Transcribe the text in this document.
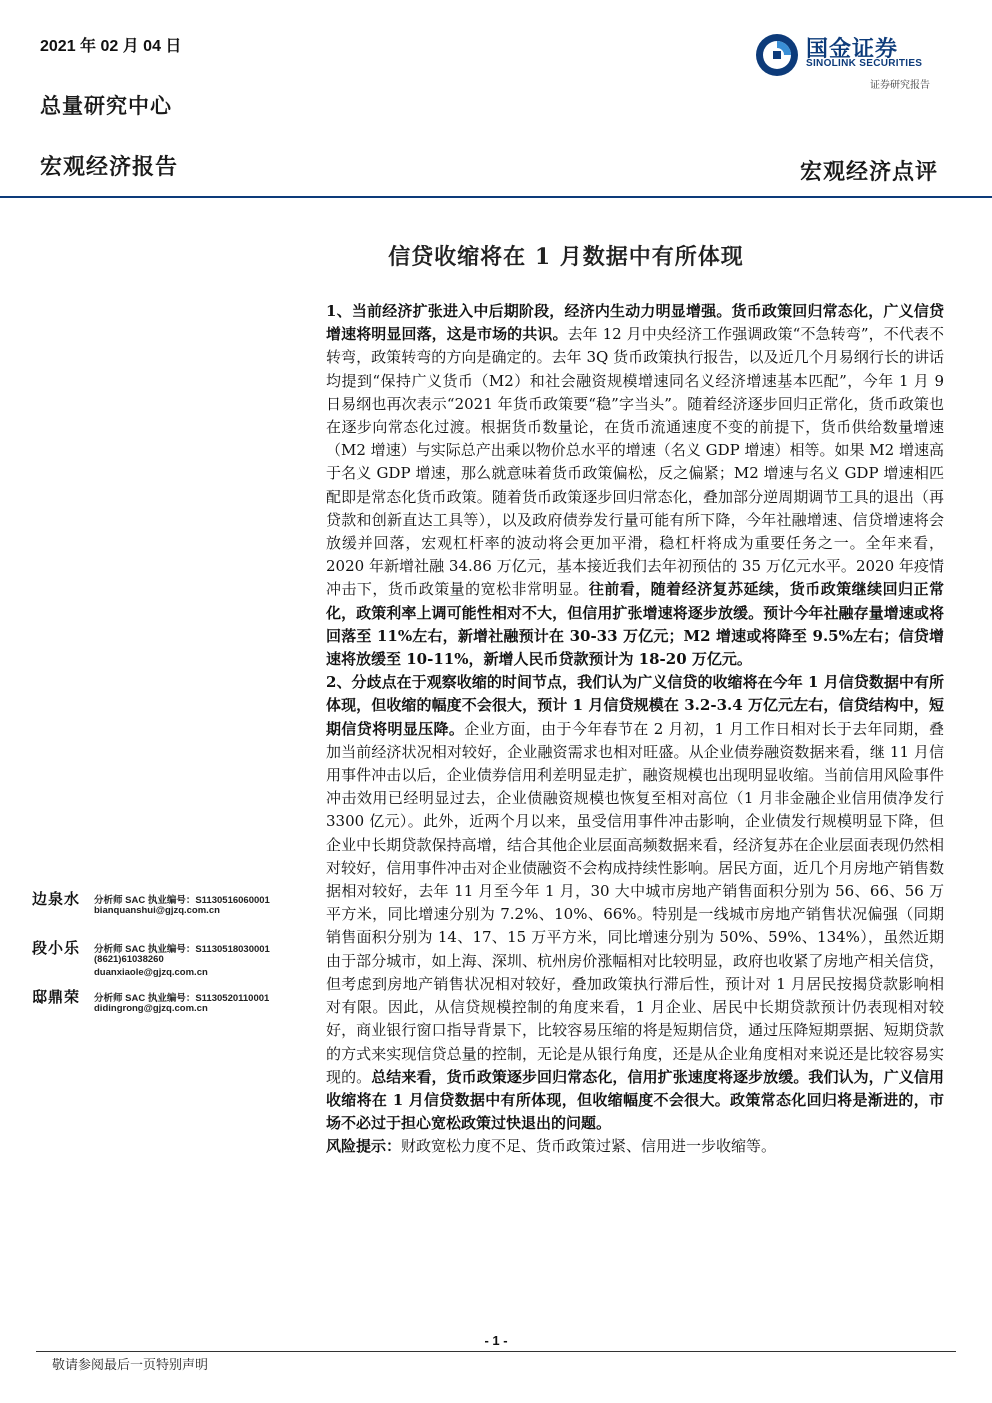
2021 年 02 月 04 日
总量研究中心
宏观经济报告
国金证券
SINOLINK SECURITIES
证券研究报告
宏观经济点评
信贷收缩将在 1 月数据中有所体现

1、当前经济扩张进入中后期阶段，经济内生动力明显增强。货币政策回归常态化，广义信贷增速将明显回落，这是市场的共识。去年 12 月中央经济工作强调政策“不急转弯”，不代表不转弯，政策转弯的方向是确定的。去年 3Q 货币政策执行报告，以及近几个月易纲行长的讲话均提到“保持广义货币（M2）和社会融资规模增速同名义经济增速基本匹配”，今年 1 月 9 日易纲也再次表示“2021 年货币政策要“稳”字当头”。随着经济逐步回归正常化，货币政策也在逐步向常态化过渡。根据货币数量论，在货币流通速度不变的前提下，货币供给数量增速（M2 增速）与实际总产出乘以物价总水平的增速（名义 GDP 增速）相等。如果 M2 增速高于名义 GDP 增速，那么就意味着货币政策偏松，反之偏紧；M2 增速与名义 GDP 增速相匹配即是常态化货币政策。随着货币政策逐步回归常态化，叠加部分逆周期调节工具的退出（再贷款和创新直达工具等），以及政府债券发行量可能有所下降，今年社融增速、信贷增速将会放缓并回落，宏观杠杆率的波动将会更加平滑，稳杠杆将成为重要任务之一。全年来看，2020 年新增社融 34.86 万亿元，基本接近我们去年初预估的 35 万亿元水平。2020 年疫情冲击下，货币政策量的宽松非常明显。往前看，随着经济复苏延续，货币政策继续回归正常化，政策利率上调可能性相对不大，但信用扩张增速将逐步放缓。预计今年社融存量增速或将回落至 11%左右，新增社融预计在 30-33 万亿元；M2 增速或将降至 9.5%左右；信贷增速将放缓至 10-11%，新增人民币贷款预计为 18-20 万亿元。

2、分歧点在于观察收缩的时间节点，我们认为广义信贷的收缩将在今年 1 月信贷数据中有所体现，但收缩的幅度不会很大，预计 1 月信贷规模在 3.2-3.4 万亿元左右，信贷结构中，短期信贷将明显压降。企业方面，由于今年春节在 2 月初，1 月工作日相对长于去年同期，叠加当前经济状况相对较好，企业融资需求也相对旺盛。从企业债券融资数据来看，继 11 月信用事件冲击以后，企业债券信用利差明显走扩，融资规模也出现明显收缩。当前信用风险事件冲击效用已经明显过去，企业债融资规模也恢复至相对高位（1 月非金融企业信用债净发行 3300 亿元）。此外，近两个月以来，虽受信用事件冲击影响，企业债发行规模明显下降，但企业中长期贷款保持高增，结合其他企业层面高频数据来看，经济复苏在企业层面表现仍然相对较好，信用事件冲击对企业债融资不会构成持续性影响。居民方面，近几个月房地产销售数据相对较好，去年 11 月至今年 1 月，30 大中城市房地产销售面积分别为 56、66、56 万平方米，同比增速分别为 7.2%、10%、66%。特别是一线城市房地产销售状况偏强（同期销售面积分别为 14、17、15 万平方米，同比增速分别为 50%、59%、134%），虽然近期由于部分城市，如上海、深圳、杭州房价涨幅相对比较明显，政府也收紧了房地产相关信贷，但考虑到房地产销售状况相对较好，叠加政策执行滞后性，预计对 1 月居民按揭贷款影响相对有限。因此，从信贷规模控制的角度来看，1 月企业、居民中长期贷款预计仍表现相对较好，商业银行窗口指导背景下，比较容易压缩的将是短期信贷，通过压降短期票据、短期贷款的方式来实现信贷总量的控制，无论是从银行角度，还是从企业角度相对来说还是比较容易实现的。总结来看，货币政策逐步回归常态化，信用扩张速度将逐步放缓。我们认为，广义信用收缩将在 1 月信贷数据中有所体现，但收缩幅度不会很大。政策常态化回归将是渐进的，市场不必过于担心宽松政策过快退出的问题。

风险提示：财政宽松力度不足、货币政策过紧、信用进一步收缩等。

边泉水 分析师 SAC 执业编号：S1130516060001
bianquanshui@gjzq.com.cn
段小乐 分析师 SAC 执业编号：S1130518030001
(8621)61038260
duanxiaole@gjzq.com.cn
邸鼎荣 分析师 SAC 执业编号：S1130520110001
didingrong@gjzq.com.cn
- 1 -
敬请参阅最后一页特别声明
